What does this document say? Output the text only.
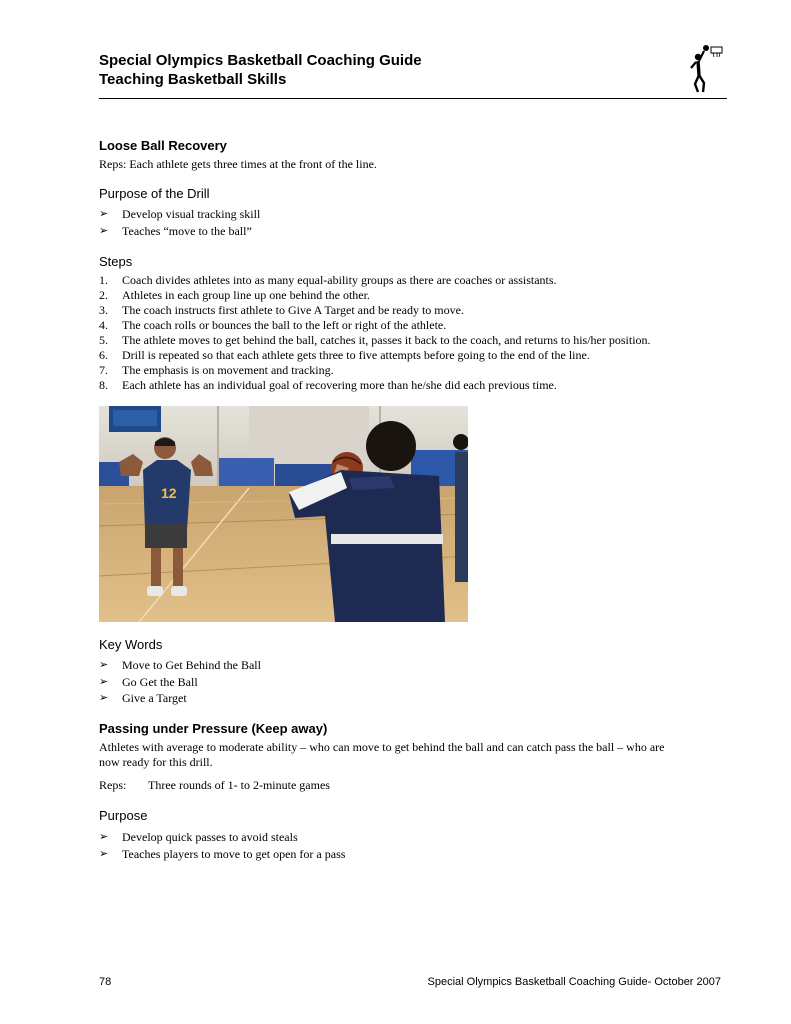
Special Olympics Basketball Coaching Guide
Teaching Basketball Skills
Loose Ball Recovery
Reps: Each athlete gets three times at the front of the line.
Purpose of the Drill
➢	Develop visual tracking skill
➢	Teaches “move to the ball”
Steps
1. Coach divides athletes into as many equal-ability groups as there are coaches or assistants.
2. Athletes in each group line up one behind the other.
3. The coach instructs first athlete to Give A Target and be ready to move.
4. The coach rolls or bounces the ball to the left or right of the athlete.
5. The athlete moves to get behind the ball, catches it, passes it back to the coach, and returns to his/her position.
6. Drill is repeated so that each athlete gets three to five attempts before going to the end of the line.
7. The emphasis is on movement and tracking.
8. Each athlete has an individual goal of recovering more than he/she did each previous time.
12
Key Words
➢	Move to Get Behind the Ball
➢	Go Get the Ball
➢	Give a Target
Passing under Pressure (Keep away)
Athletes with average to moderate ability – who can move to get behind the ball and can catch pass the ball – who are
now ready for this drill.
Reps: Three rounds of 1- to 2-minute games
Purpose
➢	Develop quick passes to avoid steals
➢	Teaches players to move to get open for a pass
78	Special Olympics Basketball Coaching Guide- October 2007
